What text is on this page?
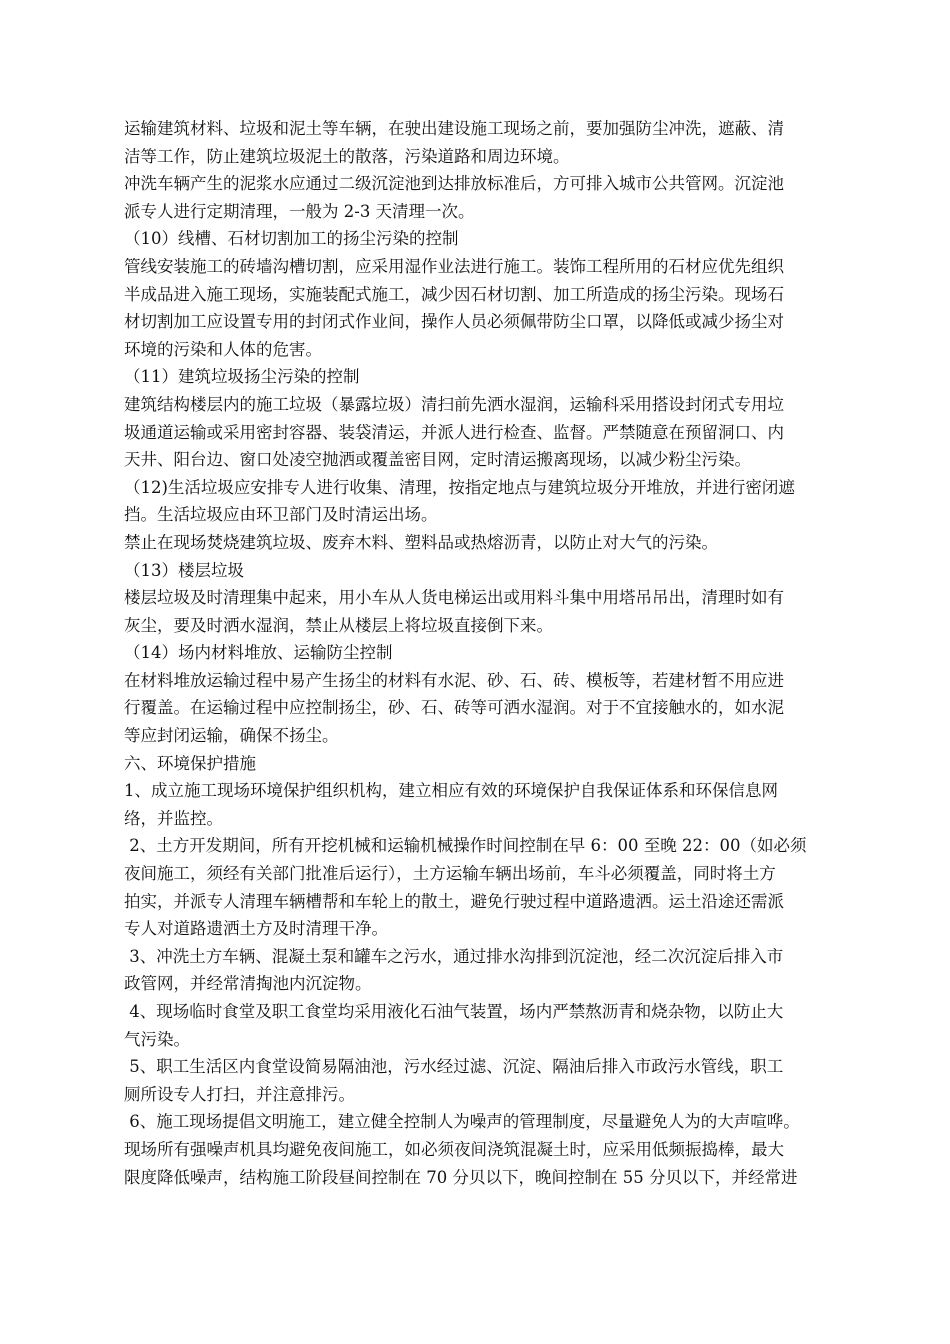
运输建筑材料、垃圾和泥土等车辆，在驶出建设施工现场之前，要加强防尘冲洗，遮蔽、清
洁等工作，防止建筑垃圾泥土的散落，污染道路和周边环境。
冲洗车辆产生的泥浆水应通过二级沉淀池到达排放标准后，方可排入城市公共管网。沉淀池
派专人进行定期清理，一般为 2-3 天清理一次。
（10）线槽、石材切割加工的扬尘污染的控制
管线安装施工的砖墙沟槽切割，应采用湿作业法进行施工。装饰工程所用的石材应优先组织
半成品进入施工现场，实施装配式施工，减少因石材切割、加工所造成的扬尘污染。现场石
材切割加工应设置专用的封闭式作业间，操作人员必须佩带防尘口罩，以降低或减少扬尘对
环境的污染和人体的危害。
（11）建筑垃圾扬尘污染的控制
建筑结构楼层内的施工垃圾（暴露垃圾）清扫前先洒水湿润，运输科采用搭设封闭式专用垃
圾通道运输或采用密封容器、装袋清运，并派人进行检查、监督。严禁随意在预留洞口、内
天井、阳台边、窗口处凌空抛洒或覆盖密目网，定时清运搬离现场，以减少粉尘污染。
（12)生活垃圾应安排专人进行收集、清理，按指定地点与建筑垃圾分开堆放，并进行密闭遮
挡。生活垃圾应由环卫部门及时清运出场。
禁止在现场焚烧建筑垃圾、废弃木料、塑料品或热熔沥青，以防止对大气的污染。
（13）楼层垃圾
楼层垃圾及时清理集中起来，用小车从人货电梯运出或用料斗集中用塔吊吊出，清理时如有
灰尘，要及时洒水湿润，禁止从楼层上将垃圾直接倒下来。
（14）场内材料堆放、运输防尘控制
在材料堆放运输过程中易产生扬尘的材料有水泥、砂、石、砖、模板等，若建材暂不用应进
行覆盖。在运输过程中应控制扬尘，砂、石、砖等可洒水湿润。对于不宜接触水的，如水泥
等应封闭运输，确保不扬尘。
六、环境保护措施
1、成立施工现场环境保护组织机构，建立相应有效的环境保护自我保证体系和环保信息网
络，并监控。
2、土方开发期间，所有开挖机械和运输机械操作时间控制在早 6：00 至晚 22：00（如必须
夜间施工，须经有关部门批准后运行），土方运输车辆出场前，车斗必须覆盖，同时将土方
拍实，并派专人清理车辆槽帮和车轮上的散土，避免行驶过程中道路遗洒。运土沿途还需派
专人对道路遗洒土方及时清理干净。
3、冲洗土方车辆、混凝土泵和罐车之污水，通过排水沟排到沉淀池，经二次沉淀后排入市
政管网，并经常清掏池内沉淀物。
4、现场临时食堂及职工食堂均采用液化石油气装置，场内严禁熬沥青和烧杂物，以防止大
气污染。
5、职工生活区内食堂设简易隔油池，污水经过滤、沉淀、隔油后排入市政污水管线，职工
厕所设专人打扫，并注意排污。
6、施工现场提倡文明施工，建立健全控制人为噪声的管理制度，尽量避免人为的大声喧哗。
现场所有强噪声机具均避免夜间施工，如必须夜间浇筑混凝土时，应采用低频振捣棒，最大
限度降低噪声，结构施工阶段昼间控制在 70 分贝以下，晚间控制在 55 分贝以下，并经常进
